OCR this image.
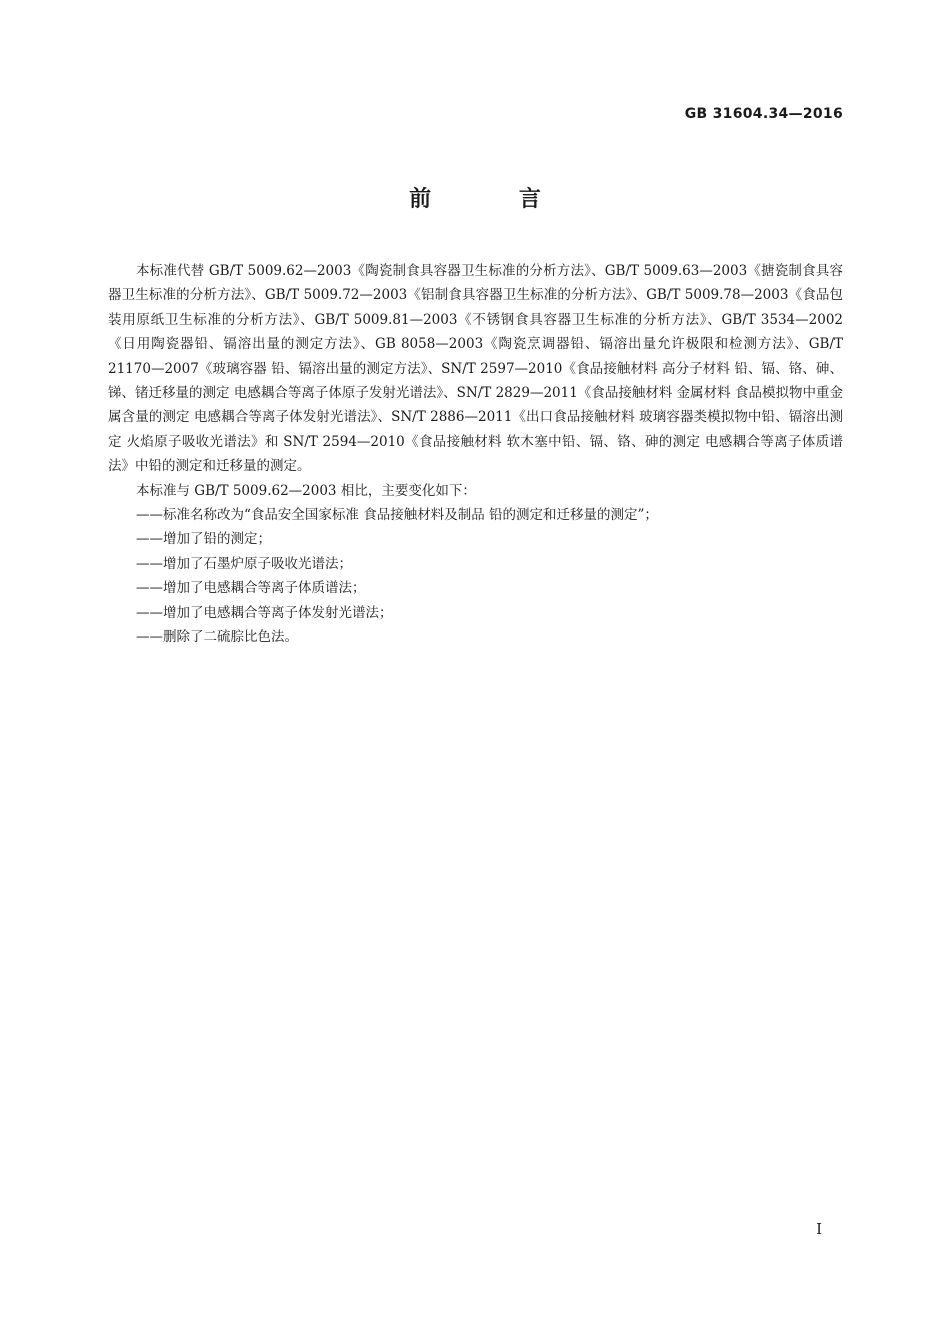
GB 31604.34—2016
前 言

本标准代替 GB/T 5009.62—2003《陶瓷制食具容器卫生标准的分析方法》、GB/T 5009.63—2003《搪瓷制食具容器卫生标准的分析方法》、GB/T 5009.72—2003《铝制食具容器卫生标准的分析方法》、GB/T 5009.78—2003《食品包装用原纸卫生标准的分析方法》、GB/T 5009.81—2003《不锈钢食具容器卫生标准的分析方法》、GB/T 3534—2002《日用陶瓷器铅、镉溶出量的测定方法》、GB 8058—2003《陶瓷烹调器铅、镉溶出量允许极限和检测方法》、GB/T 21170—2007《玻璃容器 铅、镉溶出量的测定方法》、SN/T 2597—2010《食品接触材料 高分子材料 铅、镉、铬、砷、锑、锗迁移量的测定 电感耦合等离子体原子发射光谱法》、SN/T 2829—2011《食品接触材料 金属材料 食品模拟物中重金属含量的测定 电感耦合等离子体发射光谱法》、SN/T 2886—2011《出口食品接触材料 玻璃容器类模拟物中铅、镉溶出测定 火焰原子吸收光谱法》和 SN/T 2594—2010《食品接触材料 软木塞中铅、镉、铬、砷的测定 电感耦合等离子体质谱法》中铅的测定和迁移量的测定。

本标准与 GB/T 5009.62—2003 相比，主要变化如下：

——标准名称改为“食品安全国家标准 食品接触材料及制品 铅的测定和迁移量的测定”；

——增加了铅的测定；

——增加了石墨炉原子吸收光谱法；

——增加了电感耦合等离子体质谱法；

——增加了电感耦合等离子体发射光谱法；

——删除了二硫腙比色法。

I
